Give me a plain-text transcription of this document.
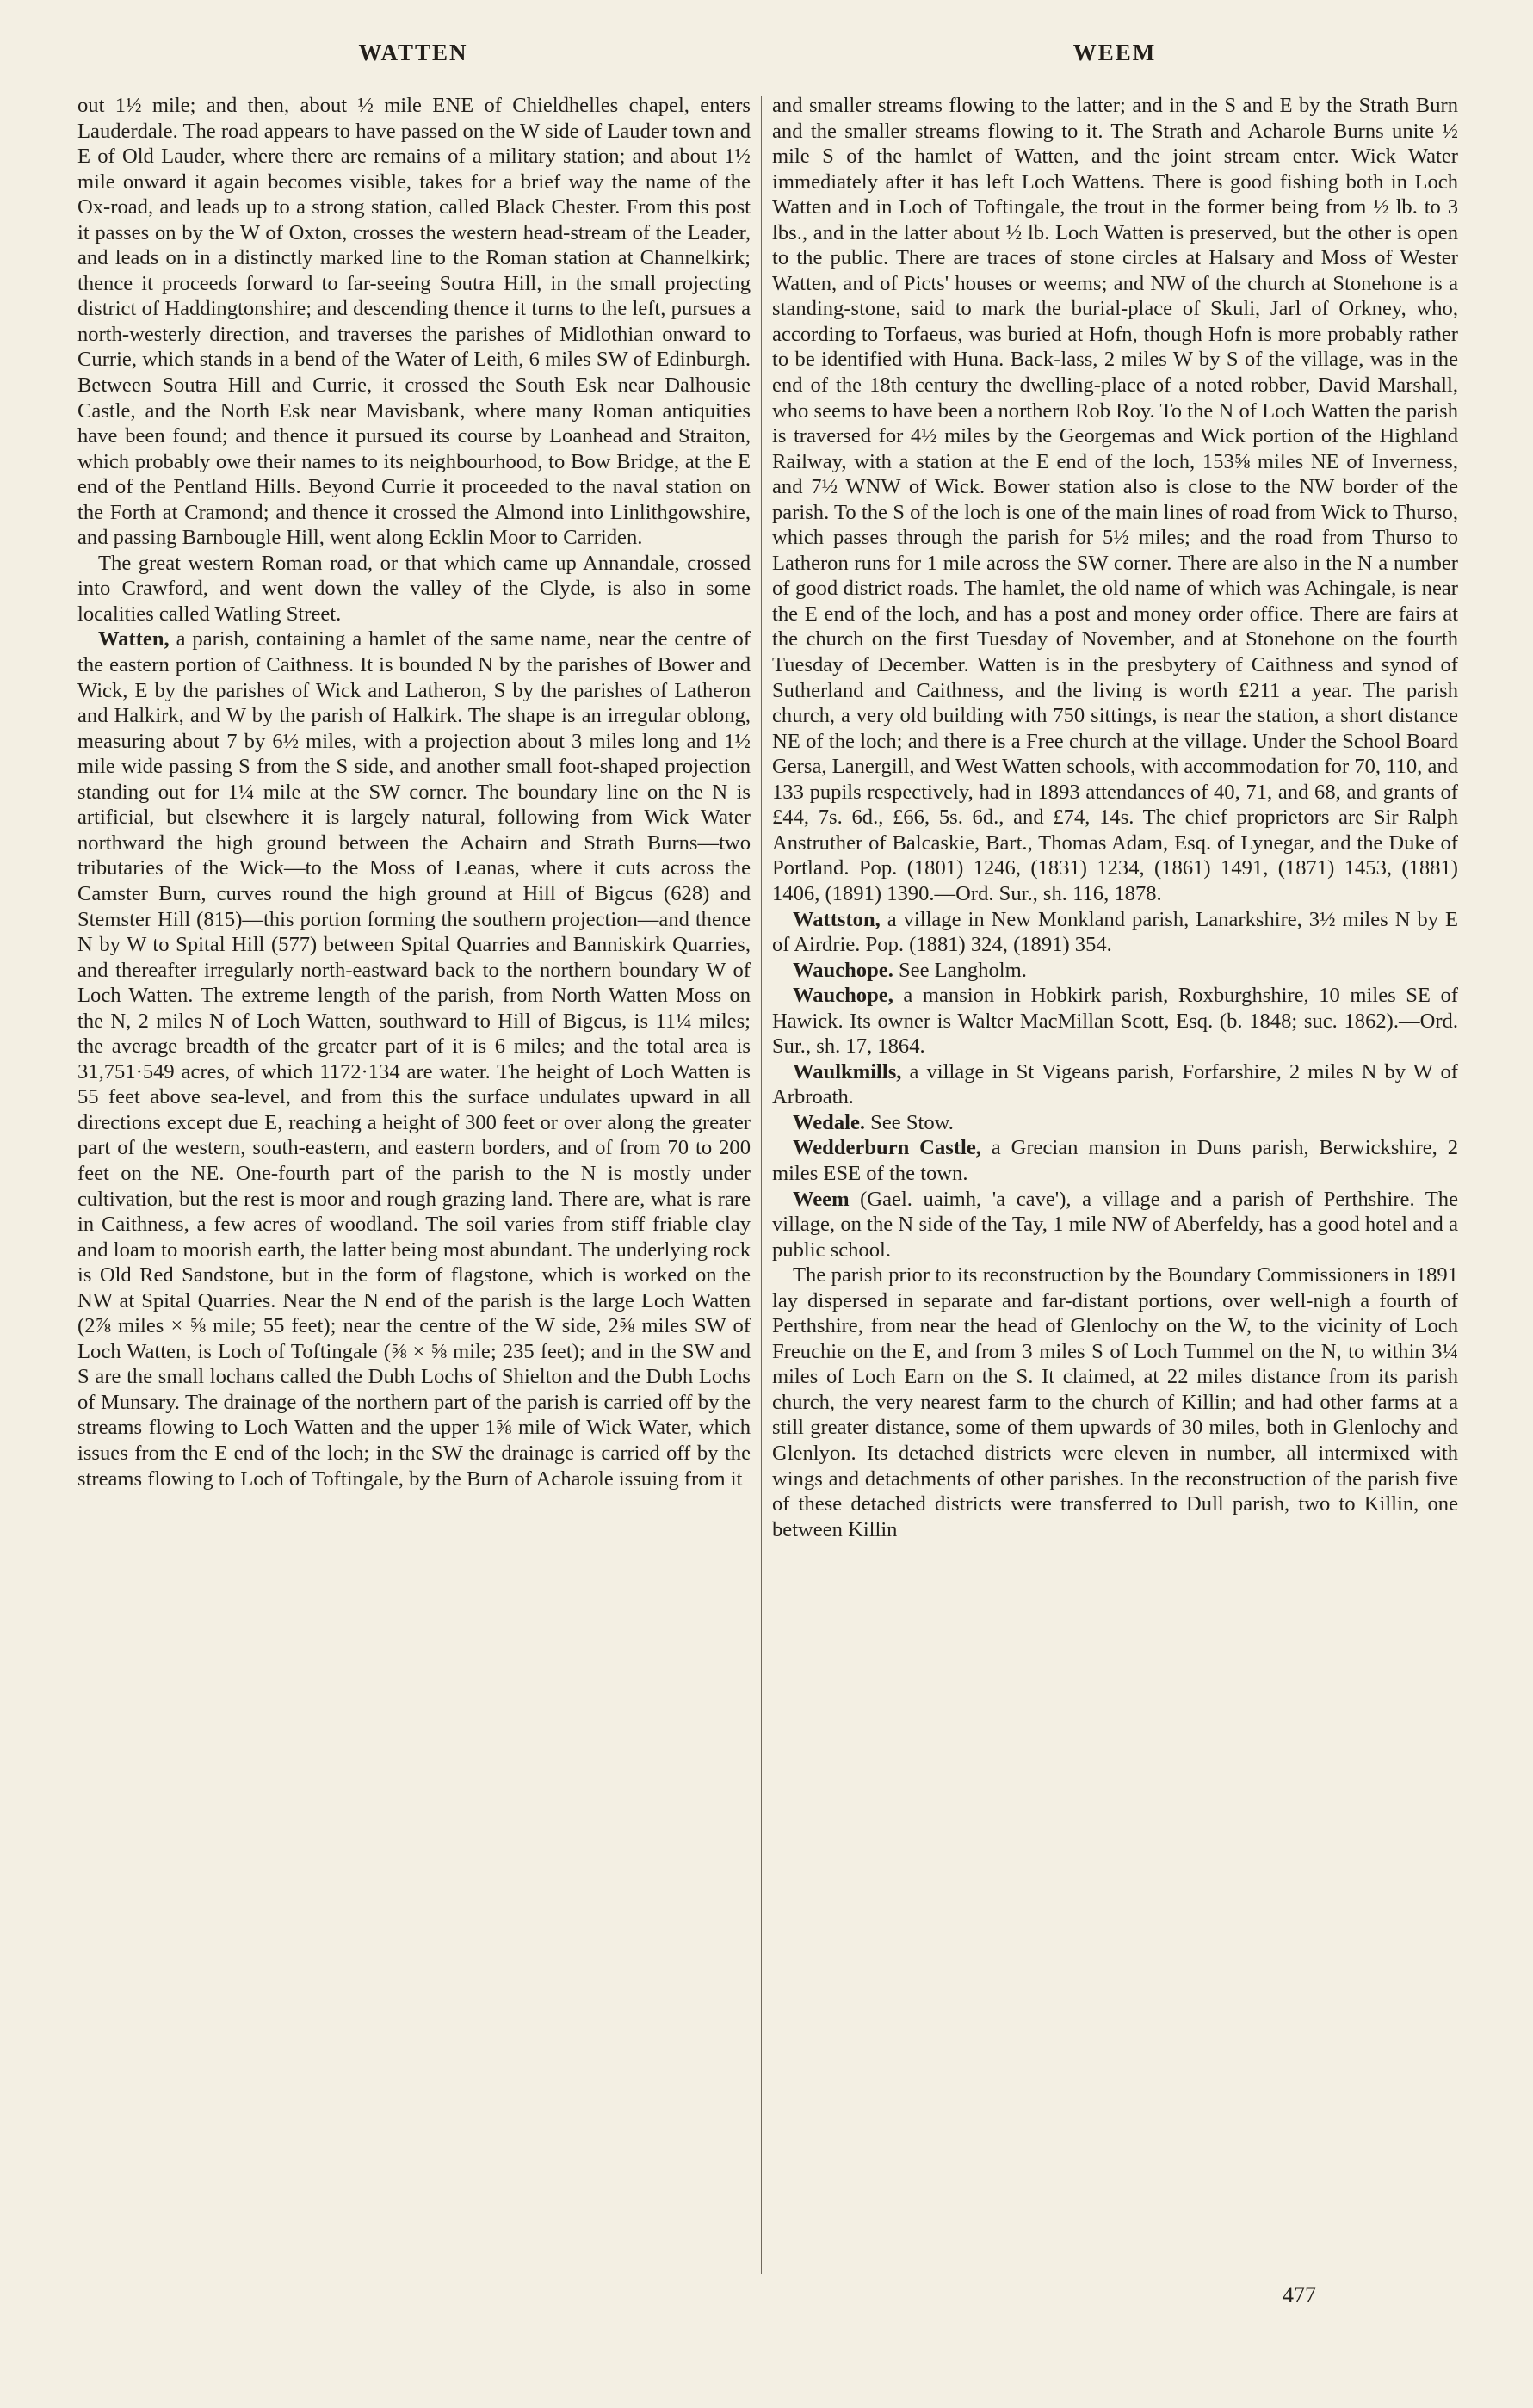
WATTEN	WEEM

out 1½ mile; and then, about ½ mile ENE of Chieldhelles chapel, enters Lauderdale. The road appears to have passed on the W side of Lauder town and E of Old Lauder, where there are remains of a military station; and about 1½ mile onward it again becomes visible, takes for a brief way the name of the Ox-road, and leads up to a strong station, called Black Chester. From this post it passes on by the W of Oxton, crosses the western head-stream of the Leader, and leads on in a distinctly marked line to the Roman station at Channelkirk; thence it proceeds forward to far-seeing Soutra Hill, in the small projecting district of Haddingtonshire; and descending thence it turns to the left, pursues a north-westerly direction, and traverses the parishes of Midlothian onward to Currie, which stands in a bend of the Water of Leith, 6 miles SW of Edinburgh. Between Soutra Hill and Currie, it crossed the South Esk near Dalhousie Castle, and the North Esk near Mavisbank, where many Roman antiquities have been found; and thence it pursued its course by Loanhead and Straiton, which probably owe their names to its neighbourhood, to Bow Bridge, at the E end of the Pentland Hills. Beyond Currie it proceeded to the naval station on the Forth at Cramond; and thence it crossed the Almond into Linlithgowshire, and passing Barnbougle Hill, went along Ecklin Moor to Carriden.

The great western Roman road, or that which came up Annandale, crossed into Crawford, and went down the valley of the Clyde, is also in some localities called Watling Street.

Watten, a parish, containing a hamlet of the same name, near the centre of the eastern portion of Caithness. It is bounded N by the parishes of Bower and Wick, E by the parishes of Wick and Latheron, S by the parishes of Latheron and Halkirk, and W by the parish of Halkirk. The shape is an irregular oblong, measuring about 7 by 6½ miles, with a projection about 3 miles long and 1½ mile wide passing S from the S side, and another small foot-shaped projection standing out for 1¼ mile at the SW corner. The boundary line on the N is artificial, but elsewhere it is largely natural, following from Wick Water northward the high ground between the Achairn and Strath Burns—two tributaries of the Wick—to the Moss of Leanas, where it cuts across the Camster Burn, curves round the high ground at Hill of Bigcus (628) and Stemster Hill (815)—this portion forming the southern projection—and thence N by W to Spital Hill (577) between Spital Quarries and Banniskirk Quarries, and thereafter irregularly north-eastward back to the northern boundary W of Loch Watten. The extreme length of the parish, from North Watten Moss on the N, 2 miles N of Loch Watten, southward to Hill of Bigcus, is 11¼ miles; the average breadth of the greater part of it is 6 miles; and the total area is 31,751·549 acres, of which 1172·134 are water. The height of Loch Watten is 55 feet above sea-level, and from this the surface undulates upward in all directions except due E, reaching a height of 300 feet or over along the greater part of the western, south-eastern, and eastern borders, and of from 70 to 200 feet on the NE. One-fourth part of the parish to the N is mostly under cultivation, but the rest is moor and rough grazing land. There are, what is rare in Caithness, a few acres of woodland. The soil varies from stiff friable clay and loam to moorish earth, the latter being most abundant. The underlying rock is Old Red Sandstone, but in the form of flagstone, which is worked on the NW at Spital Quarries. Near the N end of the parish is the large Loch Watten (2⅞ miles × ⅝ mile; 55 feet); near the centre of the W side, 2⅝ miles SW of Loch Watten, is Loch of Toftingale (⅝ × ⅝ mile; 235 feet); and in the SW and S are the small lochans called the Dubh Lochs of Shielton and the Dubh Lochs of Munsary. The drainage of the northern part of the parish is carried off by the streams flowing to Loch Watten and the upper 1⅝ mile of Wick Water, which issues from the E end of the loch; in the SW the drainage is carried off by the streams flowing to Loch of Toftingale, by the Burn of Acharole issuing from it

and smaller streams flowing to the latter; and in the S and E by the Strath Burn and the smaller streams flowing to it. The Strath and Acharole Burns unite ½ mile S of the hamlet of Watten, and the joint stream enter. Wick Water immediately after it has left Loch Wattens. There is good fishing both in Loch Watten and in Loch of Toftingale, the trout in the former being from ½ lb. to 3 lbs., and in the latter about ½ lb. Loch Watten is preserved, but the other is open to the public. There are traces of stone circles at Halsary and Moss of Wester Watten, and of Picts' houses or weems; and NW of the church at Stonehone is a standing-stone, said to mark the burial-place of Skuli, Jarl of Orkney, who, according to Torfaeus, was buried at Hofn, though Hofn is more probably rather to be identified with Huna. Back-lass, 2 miles W by S of the village, was in the end of the 18th century the dwelling-place of a noted robber, David Marshall, who seems to have been a northern Rob Roy. To the N of Loch Watten the parish is traversed for 4½ miles by the Georgemas and Wick portion of the Highland Railway, with a station at the E end of the loch, 153⅝ miles NE of Inverness, and 7½ WNW of Wick. Bower station also is close to the NW border of the parish. To the S of the loch is one of the main lines of road from Wick to Thurso, which passes through the parish for 5½ miles; and the road from Thurso to Latheron runs for 1 mile across the SW corner. There are also in the N a number of good district roads. The hamlet, the old name of which was Achingale, is near the E end of the loch, and has a post and money order office. There are fairs at the church on the first Tuesday of November, and at Stonehone on the fourth Tuesday of December. Watten is in the presbytery of Caithness and synod of Sutherland and Caithness, and the living is worth £211 a year. The parish church, a very old building with 750 sittings, is near the station, a short distance NE of the loch; and there is a Free church at the village. Under the School Board Gersa, Lanergill, and West Watten schools, with accommodation for 70, 110, and 133 pupils respectively, had in 1893 attendances of 40, 71, and 68, and grants of £44, 7s. 6d., £66, 5s. 6d., and £74, 14s. The chief proprietors are Sir Ralph Anstruther of Balcaskie, Bart., Thomas Adam, Esq. of Lynegar, and the Duke of Portland. Pop. (1801) 1246, (1831) 1234, (1861) 1491, (1871) 1453, (1881) 1406, (1891) 1390.—Ord. Sur., sh. 116, 1878.

Wattston, a village in New Monkland parish, Lanarkshire, 3½ miles N by E of Airdrie. Pop. (1881) 324, (1891) 354.

Wauchope. See Langholm.

Wauchope, a mansion in Hobkirk parish, Roxburghshire, 10 miles SE of Hawick. Its owner is Walter MacMillan Scott, Esq. (b. 1848; suc. 1862).—Ord. Sur., sh. 17, 1864.

Waulkmills, a village in St Vigeans parish, Forfarshire, 2 miles N by W of Arbroath.

Wedale. See Stow.

Wedderburn Castle, a Grecian mansion in Duns parish, Berwickshire, 2 miles ESE of the town.

Weem (Gael. uaimh, 'a cave'), a village and a parish of Perthshire. The village, on the N side of the Tay, 1 mile NW of Aberfeldy, has a good hotel and a public school.

The parish prior to its reconstruction by the Boundary Commissioners in 1891 lay dispersed in separate and far-distant portions, over well-nigh a fourth of Perthshire, from near the head of Glenlochy on the W, to the vicinity of Loch Freuchie on the E, and from 3 miles S of Loch Tummel on the N, to within 3¼ miles of Loch Earn on the S. It claimed, at 22 miles distance from its parish church, the very nearest farm to the church of Killin; and had other farms at a still greater distance, some of them upwards of 30 miles, both in Glenlochy and Glenlyon. Its detached districts were eleven in number, all intermixed with wings and detachments of other parishes. In the reconstruction of the parish five of these detached districts were transferred to Dull parish, two to Killin, one between Killin

477
